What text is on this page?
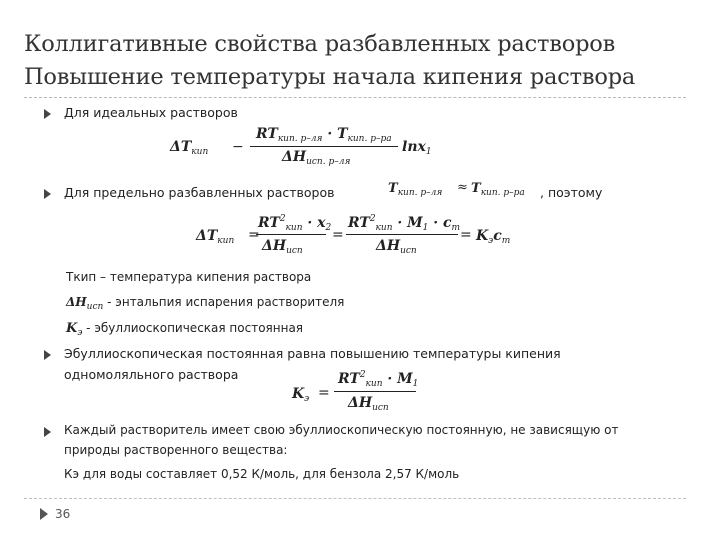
Коллигативные свойства разбавленных растворов
Повышение температуры начала кипения раствора
Для идеальных растворов
$\Delta T_{кип}$ −
$RT_{кип. р-ля} \cdot T_{кип. р-ра}$
$\Delta H_{исп. р-ля}$
lnx$_1$
Для предельно разбавленных растворов	$T_{кип. р-ля} \approx T_{кип. р-ра}$ , поэтому
$\Delta T_{кип}$ =
$RT^2_{кип} \cdot x_2$
$\Delta H_{исп}$
=
$RT^2_{кип} \cdot M_1 \cdot c_m$
$\Delta H_{исп}$
= $K_эc_m$
Ткип – температура кипения раствора
$\Delta H_{исп}$ - энтальпия испарения растворителя
$K_э$ - эбуллиоскопическая постоянная
Эбуллиоскопическая постоянная равна повышению температуры кипения
одномоляльного раствора
$K_э$ =
$RT^2_{кип} \cdot M_1$
$\Delta H_{исп}$
Каждый растворитель имеет свою эбуллиоскопическую постоянную, не зависящую от
природы растворенного вещества:
Кэ для воды составляет 0,52 К/моль, для бензола 2,57 К/моль
36
